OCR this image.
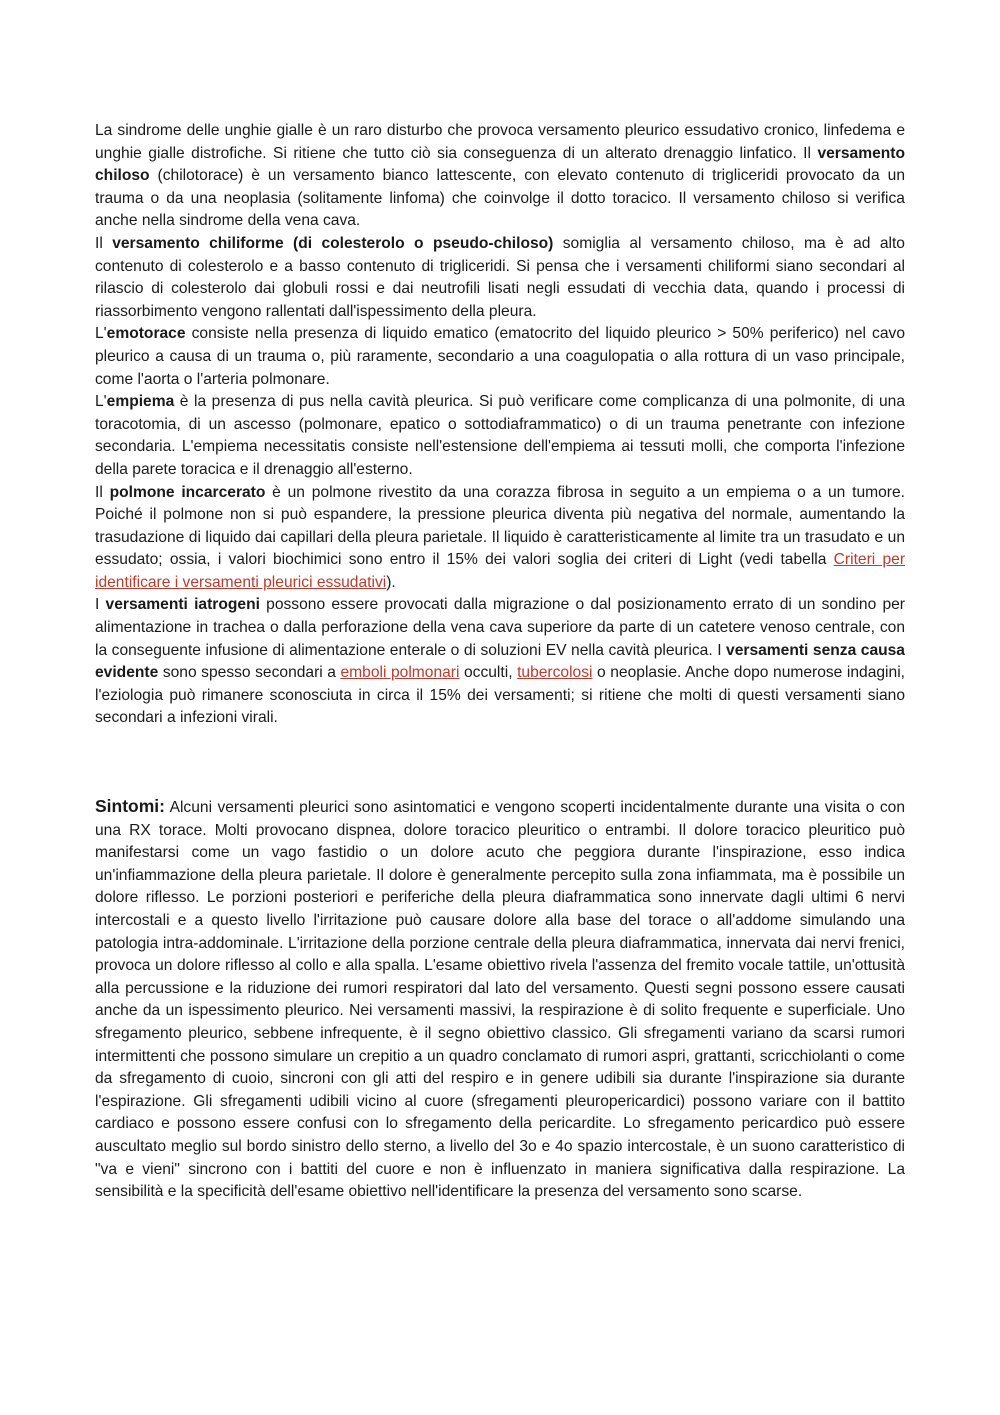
La sindrome delle unghie gialle è un raro disturbo che provoca versamento pleurico essudativo cronico, linfedema e unghie gialle distrofiche. Si ritiene che tutto ciò sia conseguenza di un alterato drenaggio linfatico. Il versamento chiloso (chilotorace) è un versamento bianco lattescente, con elevato contenuto di trigliceridi provocato da un trauma o da una neoplasia (solitamente linfoma) che coinvolge il dotto toracico. Il versamento chiloso si verifica anche nella sindrome della vena cava.

Il versamento chiliforme (di colesterolo o pseudo-chiloso) somiglia al versamento chiloso, ma è ad alto contenuto di colesterolo e a basso contenuto di trigliceridi. Si pensa che i versamenti chiliformi siano secondari al rilascio di colesterolo dai globuli rossi e dai neutrofili lisati negli essudati di vecchia data, quando i processi di riassorbimento vengono rallentati dall'ispessimento della pleura.

L'emotorace consiste nella presenza di liquido ematico (ematocrito del liquido pleurico > 50% periferico) nel cavo pleurico a causa di un trauma o, più raramente, secondario a una coagulopatia o alla rottura di un vaso principale, come l'aorta o l'arteria polmonare.

L'empiema è la presenza di pus nella cavità pleurica. Si può verificare come complicanza di una polmonite, di una toracotomia, di un ascesso (polmonare, epatico o sottodiaframmatico) o di un trauma penetrante con infezione secondaria. L'empiema necessitatis consiste nell'estensione dell'empiema ai tessuti molli, che comporta l'infezione della parete toracica e il drenaggio all'esterno.

Il polmone incarcerato è un polmone rivestito da una corazza fibrosa in seguito a un empiema o a un tumore. Poiché il polmone non si può espandere, la pressione pleurica diventa più negativa del normale, aumentando la trasudazione di liquido dai capillari della pleura parietale. Il liquido è caratteristicamente al limite tra un trasudato e un essudato; ossia, i valori biochimici sono entro il 15% dei valori soglia dei criteri di Light (vedi tabella Criteri per identificare i versamenti pleurici essudativi).

I versamenti iatrogeni possono essere provocati dalla migrazione o dal posizionamento errato di un sondino per alimentazione in trachea o dalla perforazione della vena cava superiore da parte di un catetere venoso centrale, con la conseguente infusione di alimentazione enterale o di soluzioni EV nella cavità pleurica. I versamenti senza causa evidente sono spesso secondari a emboli polmonari occulti, tubercolosi o neoplasie. Anche dopo numerose indagini, l'eziologia può rimanere sconosciuta in circa il 15% dei versamenti; si ritiene che molti di questi versamenti siano secondari a infezioni virali.

Sintomi: Alcuni versamenti pleurici sono asintomatici e vengono scoperti incidentalmente durante una visita o con una RX torace. Molti provocano dispnea, dolore toracico pleuritico o entrambi. Il dolore toracico pleuritico può manifestarsi come un vago fastidio o un dolore acuto che peggiora durante l'inspirazione, esso indica un'infiammazione della pleura parietale. Il dolore è generalmente percepito sulla zona infiammata, ma è possibile un dolore riflesso. Le porzioni posteriori e periferiche della pleura diaframmatica sono innervate dagli ultimi 6 nervi intercostali e a questo livello l'irritazione può causare dolore alla base del torace o all'addome simulando una patologia intra-addominale. L'irritazione della porzione centrale della pleura diaframmatica, innervata dai nervi frenici, provoca un dolore riflesso al collo e alla spalla. L'esame obiettivo rivela l'assenza del fremito vocale tattile, un'ottusità alla percussione e la riduzione dei rumori respiratori dal lato del versamento. Questi segni possono essere causati anche da un ispessimento pleurico. Nei versamenti massivi, la respirazione è di solito frequente e superficiale. Uno sfregamento pleurico, sebbene infrequente, è il segno obiettivo classico. Gli sfregamenti variano da scarsi rumori intermittenti che possono simulare un crepitio a un quadro conclamato di rumori aspri, grattanti, scricchiolanti o come da sfregamento di cuoio, sincroni con gli atti del respiro e in genere udibili sia durante l'inspirazione sia durante l'espirazione. Gli sfregamenti udibili vicino al cuore (sfregamenti pleuropericardici) possono variare con il battito cardiaco e possono essere confusi con lo sfregamento della pericardite. Lo sfregamento pericardico può essere auscultato meglio sul bordo sinistro dello sterno, a livello del 3o e 4o spazio intercostale, è un suono caratteristico di "va e vieni" sincrono con i battiti del cuore e non è influenzato in maniera significativa dalla respirazione. La sensibilità e la specificità dell'esame obiettivo nell'identificare la presenza del versamento sono scarse.
